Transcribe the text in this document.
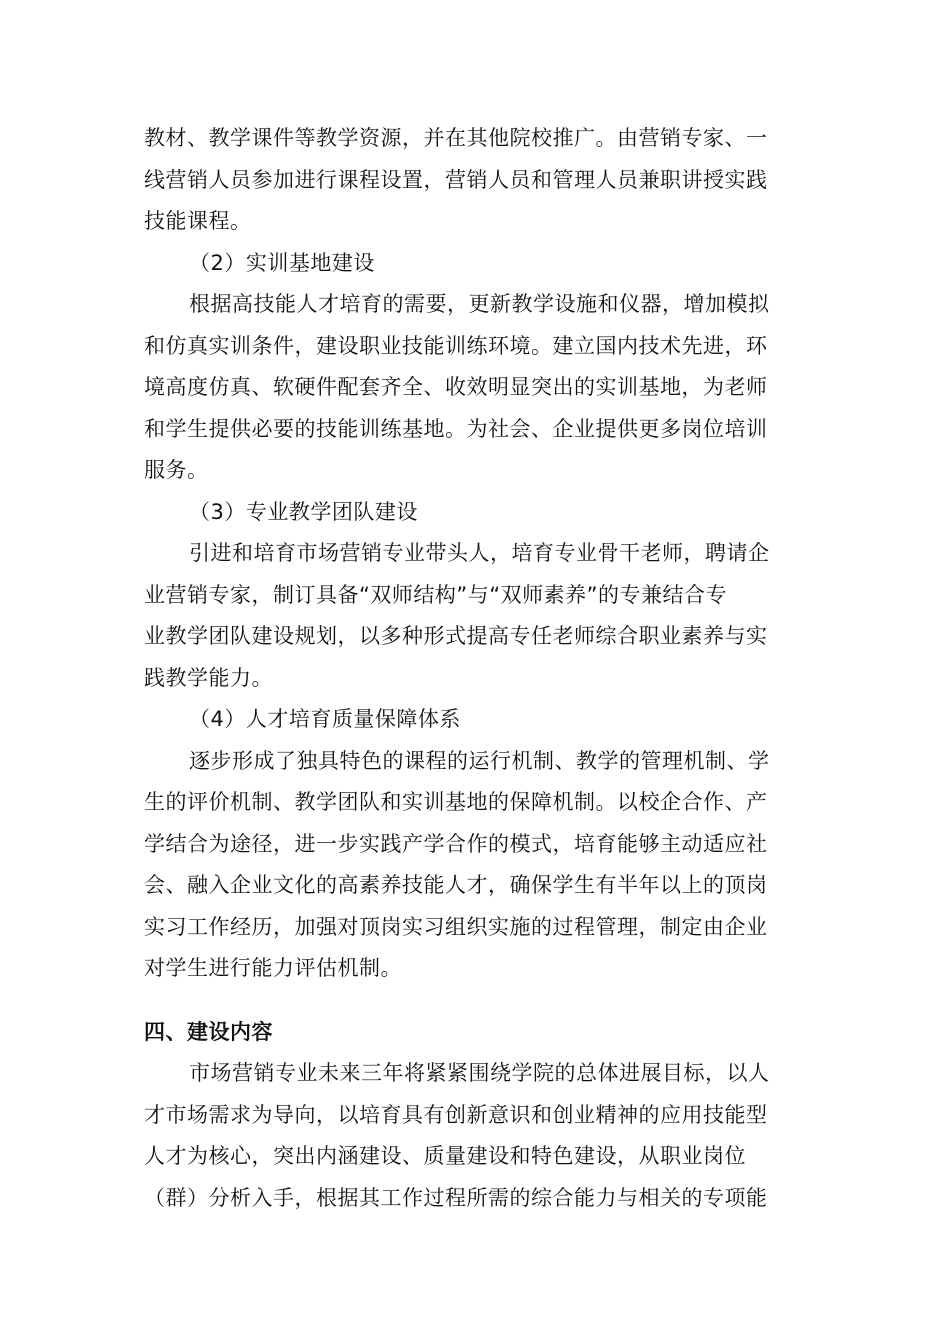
教材、教学课件等教学资源，并在其他院校推广。由营销专家、一
线营销人员参加进行课程设置，营销人员和管理人员兼职讲授实践
技能课程。
（2）实训基地建设
根据高技能人才培育的需要，更新教学设施和仪器，增加模拟
和仿真实训条件，建设职业技能训练环境。建立国内技术先进，环
境高度仿真、软硬件配套齐全、收效明显突出的实训基地，为老师
和学生提供必要的技能训练基地。为社会、企业提供更多岗位培训
服务。
（3）专业教学团队建设
引进和培育市场营销专业带头人，培育专业骨干老师，聘请企
业营销专家，制订具备“双师结构”与“双师素养”的专兼结合专
业教学团队建设规划，以多种形式提高专任老师综合职业素养与实
践教学能力。
（4）人才培育质量保障体系
逐步形成了独具特色的课程的运行机制、教学的管理机制、学
生的评价机制、教学团队和实训基地的保障机制。以校企合作、产
学结合为途径，进一步实践产学合作的模式，培育能够主动适应社
会、融入企业文化的高素养技能人才，确保学生有半年以上的顶岗
实习工作经历，加强对顶岗实习组织实施的过程管理，制定由企业
对学生进行能力评估机制。
四、建设内容
市场营销专业未来三年将紧紧围绕学院的总体进展目标，以人
才市场需求为导向，以培育具有创新意识和创业精神的应用技能型
人才为核心，突出内涵建设、质量建设和特色建设，从职业岗位
（群）分析入手，根据其工作过程所需的综合能力与相关的专项能
